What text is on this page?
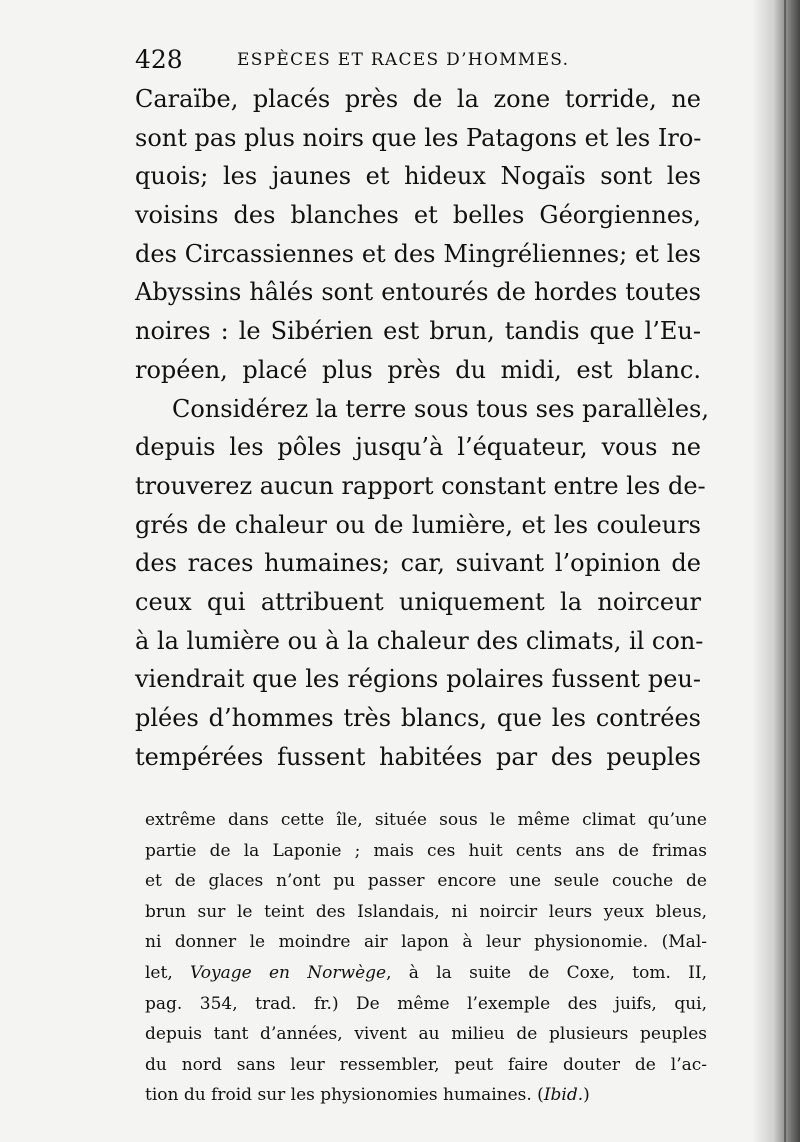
428	ESPÈCES ET RACES D’HOMMES.
Caraïbe, placés près de la zone torride, ne
sont pas plus noirs que les Patagons et les Iro-
quois; les jaunes et hideux Nogaïs sont les
voisins des blanches et belles Géorgiennes,
des Circassiennes et des Mingréliennes; et les
Abyssins hâlés sont entourés de hordes toutes
noires : le Sibérien est brun, tandis que l’Eu-
ropéen, placé plus près du midi, est blanc.
Considérez la terre sous tous ses parallèles,
depuis les pôles jusqu’à l’équateur, vous ne
trouverez aucun rapport constant entre les de-
grés de chaleur ou de lumière, et les couleurs
des races humaines; car, suivant l’opinion de
ceux qui attribuent uniquement la noirceur
à la lumière ou à la chaleur des climats, il con-
viendrait que les régions polaires fussent peu-
plées d’hommes très blancs, que les contrées
tempérées fussent habitées par des peuples
extrême dans cette île, située sous le même climat qu’une
partie de la Laponie ; mais ces huit cents ans de frimas
et de glaces n’ont pu passer encore une seule couche de
brun sur le teint des Islandais, ni noircir leurs yeux bleus,
ni donner le moindre air lapon à leur physionomie. (Mal-
let, Voyage en Norwège, à la suite de Coxe, tom. II,
pag. 354, trad. fr.) De même l’exemple des juifs, qui,
depuis tant d’années, vivent au milieu de plusieurs peuples
du nord sans leur ressembler, peut faire douter de l’ac-
tion du froid sur les physionomies humaines. (Ibid.)
